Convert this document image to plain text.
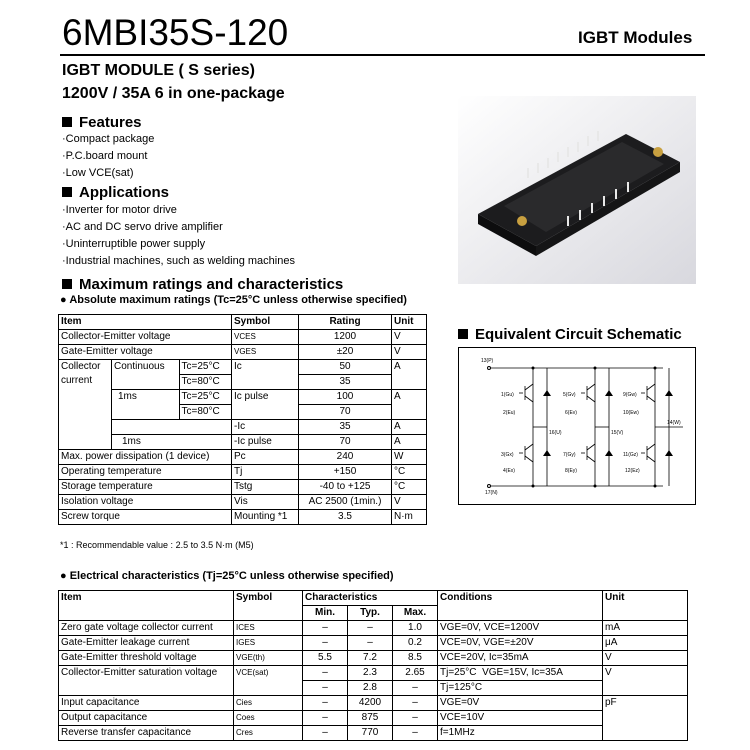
6MBI35S-120	IGBT Modules
IGBT MODULE ( S series)
1200V / 35A 6 in one-package
Features
· Compact package
· P.C.board mount
· Low VCE(sat)
Applications
· Inverter for motor drive
· AC and DC servo drive amplifier
· Uninterruptible power supply
· Industrial machines, such as welding machines
Maximum ratings and characteristics
● Absolute maximum ratings (Tc=25°C unless otherwise specified)
Item			Symbol	Rating	Unit
Collector-Emitter voltage			VCES	1200	V
Gate-Emitter voltage			VGES	±20	V
Collector current	Continuous	Tc=25°C	Ic	50	A
		Tc=80°C		35	
	1ms	Tc=25°C	Ic pulse	100	A
		Tc=80°C		70	
			-Ic	35	A
	1ms		-Ic pulse	70	A
Max. power dissipation (1 device)			Pc	240	W
Operating temperature			Tj	+150	°C
Storage temperature			Tstg	-40 to +125	°C
Isolation voltage			Vis	AC 2500 (1min.)	V
Screw torque			Mounting *1	3.5	N·m
*1 : Recommendable value : 2.5 to 3.5 N·m (M5)
Equivalent Circuit Schematic
13(P)
1(Gu)
2(Eu)
5(Gv)
6(Ev)
9(Gw)
10(Ew)
16(U)	15(V)
14(W)
3(Gx)
4(Ex)
7(Gy)
8(Ey)
11(Gz)
12(Ez)
17(N)
● Electrical characteristics (Tj=25°C unless otherwise specified)
Item	Symbol	Characteristics			Conditions	Unit
		Min.	Typ.	Max.		
Zero gate voltage collector current	ICES	–	–	1.0	VGE=0V, VCE=1200V	mA
Gate-Emitter leakage current	IGES	–	–	0.2	VCE=0V, VGE=±20V	μA
Gate-Emitter threshold voltage	VGE(th)	5.5	7.2	8.5	VCE=20V, Ic=35mA	V
Collector-Emitter saturation voltage	VCE(sat)	–	2.3	2.65	Tj=25°C VGE=15V, Ic=35A	V
		–	2.8	–	Tj=125°C	
Input capacitance	Cies	–	4200	–	VGE=0V	pF
Output capacitance	Coes	–	875	–	VCE=10V	
Reverse transfer capacitance	Cres	–	770	–	f=1MHz	
